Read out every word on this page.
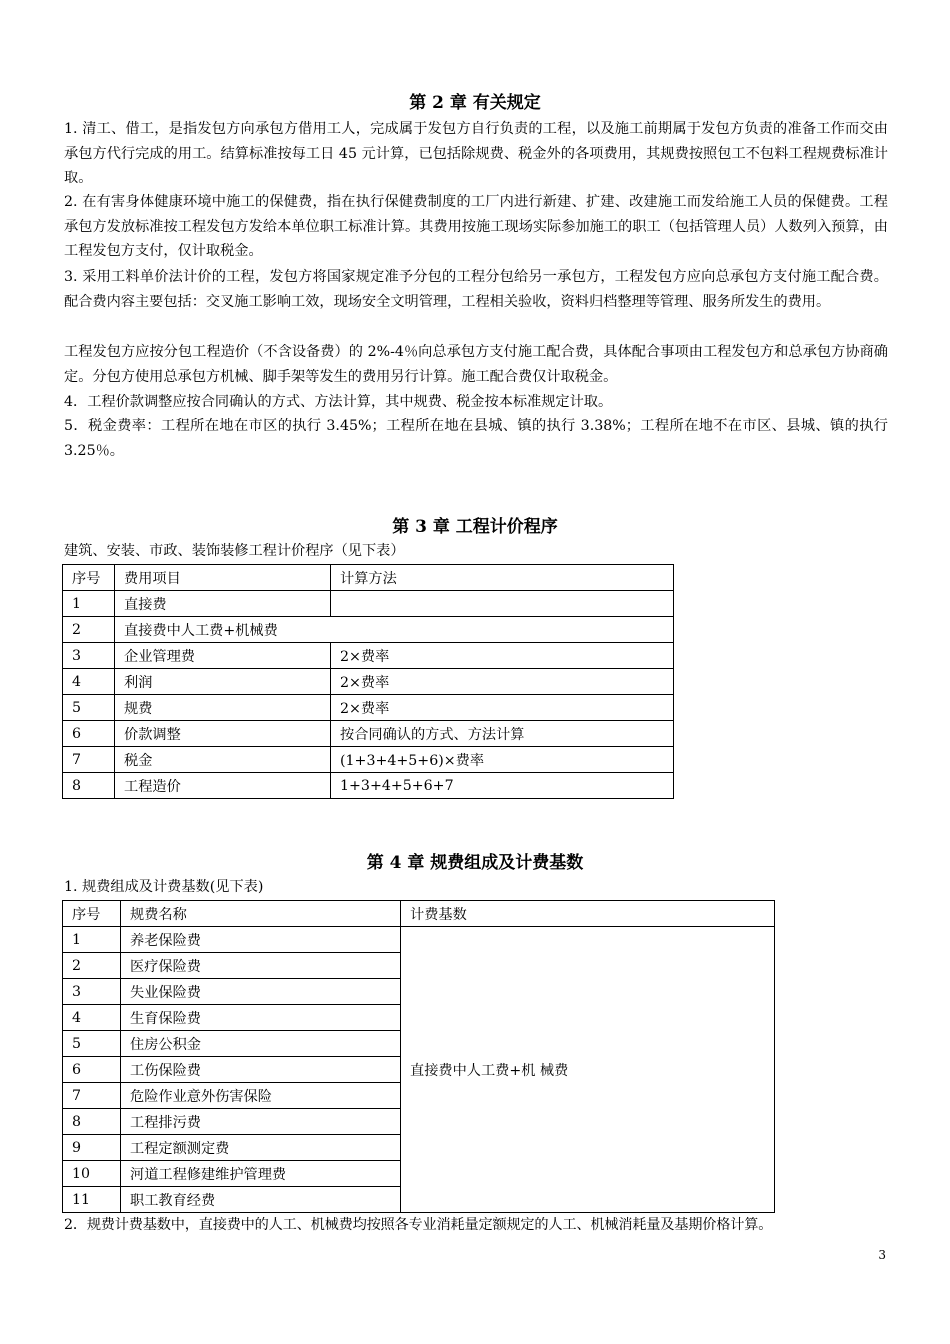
第 2 章 有关规定

1. 清工、借工，是指发包方向承包方借用工人，完成属于发包方自行负责的工程，以及施工前期属于发包方负责的准备工作而交由承包方代行完成的用工。结算标准按每工日 45 元计算，已包括除规费、税金外的各项费用，其规费按照包工不包料工程规费标准计取。

2. 在有害身体健康环境中施工的保健费，指在执行保健费制度的工厂内进行新建、扩建、改建施工而发给施工人员的保健费。工程承包方发放标准按工程发包方发给本单位职工标准计算。其费用按施工现场实际参加施工的职工（包括管理人员）人数列入预算，由工程发包方支付，仅计取税金。

3. 采用工料单价法计价的工程，发包方将国家规定准予分包的工程分包给另一承包方，工程发包方应向总承包方支付施工配合费。配合费内容主要包括：交叉施工影响工效，现场安全文明管理，工程相关验收，资料归档整理等管理、服务所发生的费用。

工程发包方应按分包工程造价（不含设备费）的 2%-4％向总承包方支付施工配合费，具体配合事项由工程发包方和总承包方协商确定。分包方使用总承包方机械、脚手架等发生的费用另行计算。施工配合费仅计取税金。

4．工程价款调整应按合同确认的方式、方法计算，其中规费、税金按本标准规定计取。

5．税金费率：工程所在地在市区的执行 3.45%；工程所在地在县城、镇的执行 3.38%；工程所在地不在市区、县城、镇的执行 3.25％。

第 3 章 工程计价程序
建筑、安装、市政、装饰装修工程计价程序（见下表）
序号	费用项目	计算方法
1	直接费	
2	直接费中人工费+机械费	
3	企业管理费	2×费率
4	利润	2×费率
5	规费	2×费率
6	价款调整	按合同确认的方式、方法计算
7	税金	(1+3+4+5+6)×费率
8	工程造价	1+3+4+5+6+7
第 4 章 规费组成及计费基数
1. 规费组成及计费基数(见下表)
序号	规费名称	计费基数
1	养老保险费	直接费中人工费+机 械费
2	医疗保险费	
3	失业保险费	
4	生育保险费	
5	住房公积金	
6	工伤保险费	
7	危险作业意外伤害保险	
8	工程排污费	
9	工程定额测定费	
10	河道工程修建维护管理费	
11	职工教育经费	
2．规费计费基数中，直接费中的人工、机械费均按照各专业消耗量定额规定的人工、机械消耗量及基期价格计算。
3
